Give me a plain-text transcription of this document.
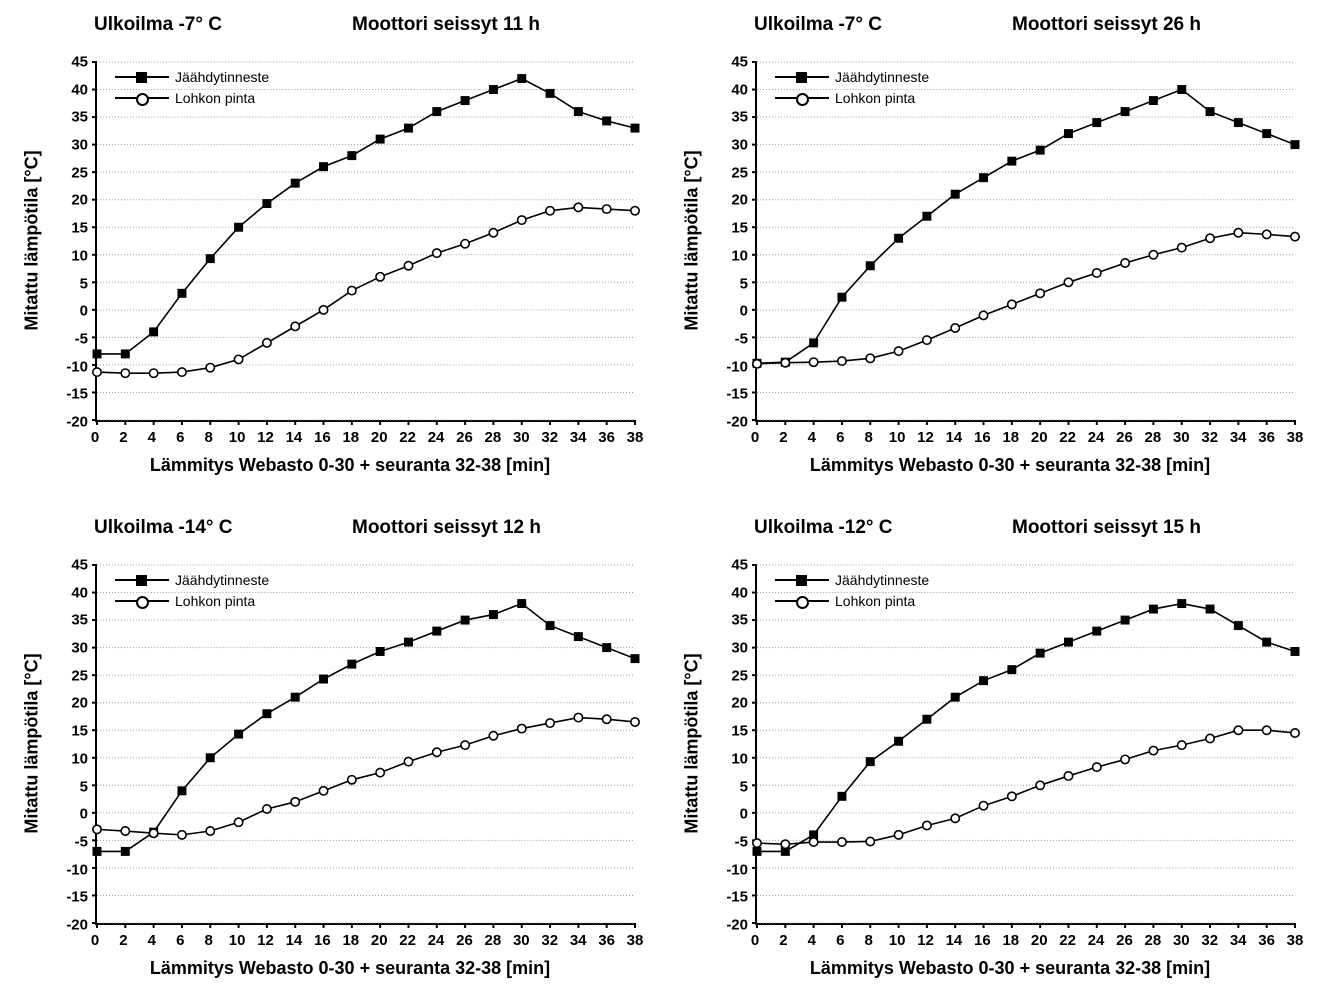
Ulkoilma -7° C	Moottori seissyt 11 h
Mitattu lämpötila [°C]
45
40
35
30
25
20
15
10
5
0
-5
-10
-15
-20
0 2 4 6 8 10 12 14 16 18 20 22 24 26 28 30 32 34 36 38
Jäähdytinneste
Lohkon pinta
Lämmitys Webasto 0-30 + seuranta 32-38 [min]
Ulkoilma -7° C	Moottori seissyt 26 h
Mitattu lämpötila [°C]
45
40
35
30
25
20
15
10
5
0
-5
-10
-15
-20
0 2 4 6 8 10 12 14 16 18 20 22 24 26 28 30 32 34 36 38
Jäähdytinneste
Lohkon pinta
Lämmitys Webasto 0-30 + seuranta 32-38 [min]
Ulkoilma -14° C	Moottori seissyt 12 h
Mitattu lämpötila [°C]
45
40
35
30
25
20
15
10
5
0
-5
-10
-15
-20
0 2 4 6 8 10 12 14 16 18 20 22 24 26 28 30 32 34 36 38
Jäähdytinneste
Lohkon pinta
Lämmitys Webasto 0-30 + seuranta 32-38 [min]
Ulkoilma -12° C	Moottori seissyt 15 h
Mitattu lämpötila [°C]
45
40
35
30
25
20
15
10
5
0
-5
-10
-15
-20
0 2 4 6 8 10 12 14 16 18 20 22 24 26 28 30 32 34 36 38
Jäähdytinneste
Lohkon pinta
Lämmitys Webasto 0-30 + seuranta 32-38 [min]
